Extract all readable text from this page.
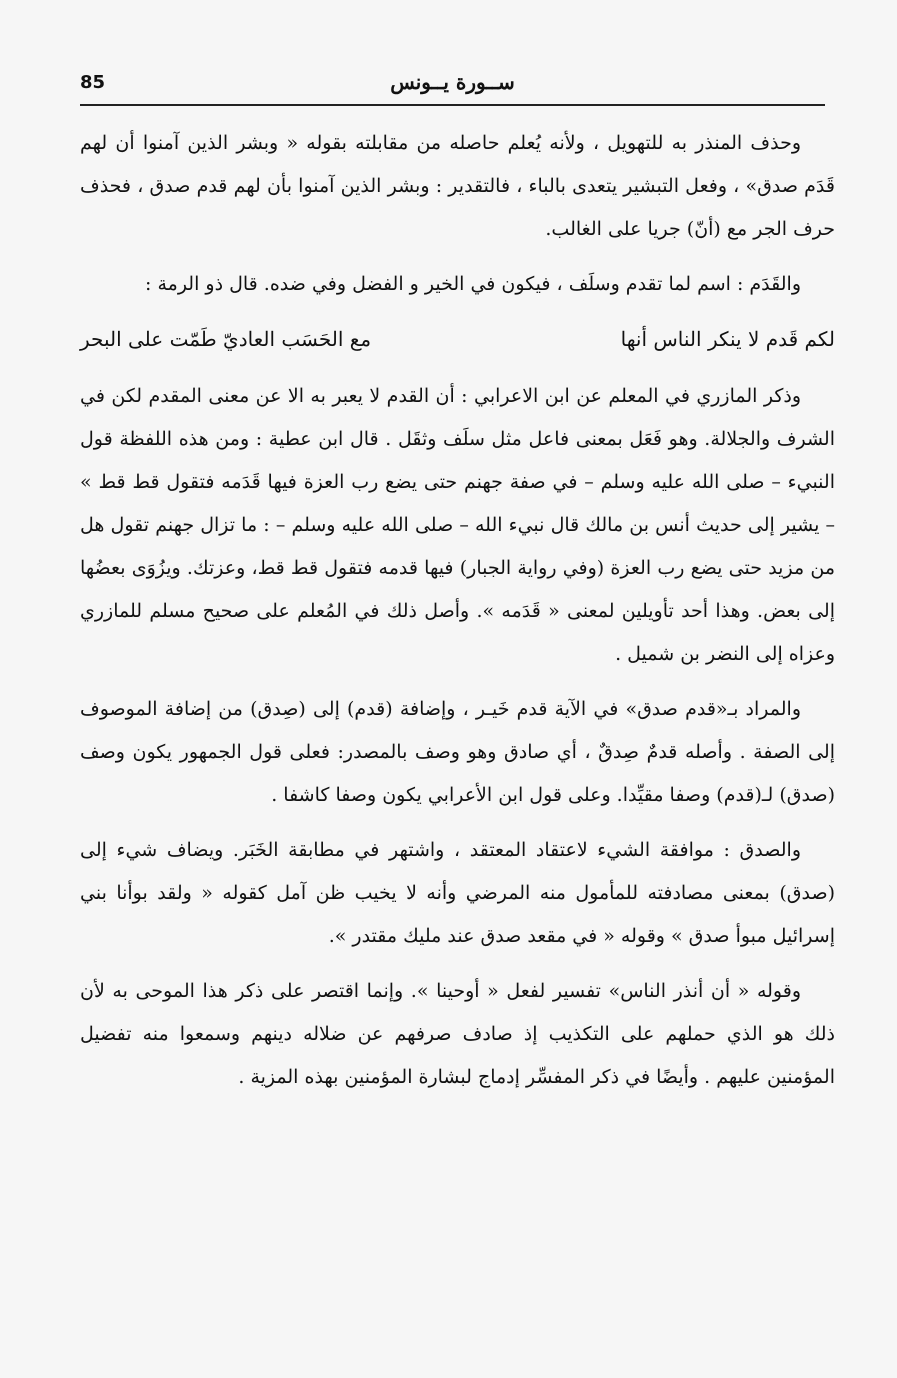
85	ســورة يــونس

وحذف المنذر به للتهويل ، ولأنه يُعلم حاصله من مقابلته بقوله « وبشر الذين آمنوا أن لهم قَدَم صدق» ، وفعل التبشير يتعدى بالباء ، فالتقدير : وبشر الذين آمنوا بأن لهم قدم صدق ، فحذف حرف الجر مع (أنّ) جريا على الغالب.

والقَدَم : اسم لما تقدم وسلَف ، فيكون في الخير و الفضل وفي ضده. قال ذو الرمة :

لكم قَدم لا ينكر الناس أنها
مع الحَسَب العاديّ طَمّت على البحر

وذكر المازري في المعلم عن ابن الاعرابي : أن القدم لا يعبر به الا عن معنى المقدم لكن في الشرف والجلالة. وهو فَعَل بمعنى فاعل مثل سلَف وثقَل . قال ابن عطية : ومن هذه اللفظة قول النبيء – صلى الله عليه وسلم – في صفة جهنم حتى يضع رب العزة فيها قَدَمه فتقول قط قط » – يشير إلى حديث أنس بن مالك قال نبيء الله – صلى الله عليه وسلم – : ما تزال جهنم تقول هل من مزيد حتى يضع رب العزة (وفي رواية الجبار) فيها قدمه فتقول قط قط، وعزتك. ويزُوَى بعضُها إلى بعض. وهذا أحد تأويلين لمعنى « قَدَمه ». وأصل ذلك في المُعلم على صحيح مسلم للمازري وعزاه إلى النضر بن شميل .

والمراد بـ«قدم صدق» في الآية قدم خَيـر ، وإضافة (قدم) إلى (صِدق) من إضافة الموصوف إلى الصفة . وأصله قدمٌ صِدقٌ ، أي صادق وهو وصف بالمصدر: فعلى قول الجمهور يكون وصف (صدق) لـ(قدم) وصفا مقيِّدا. وعلى قول ابن الأعرابي يكون وصفا كاشفا .

والصدق : موافقة الشيء لاعتقاد المعتقد ، واشتهر في مطابقة الخَبَر. ويضاف شيء إلى (صدق) بمعنى مصادفته للمأمول منه المرضي وأنه لا يخيب ظن آمل كقوله « ولقد بوأنا بني إسرائيل مبوأ صدق » وقوله « في مقعد صدق عند مليك مقتدر ».

وقوله « أن أنذر الناس» تفسير لفعل « أوحينا ». وإنما اقتصر على ذكر هذا الموحى به لأن ذلك هو الذي حملهم على التكذيب إذ صادف صرفهم عن ضلاله دينهم وسمعوا منه تفضيل المؤمنين عليهم . وأيضًا في ذكر المفسِّر إدماج لبشارة المؤمنين بهذه المزية .
